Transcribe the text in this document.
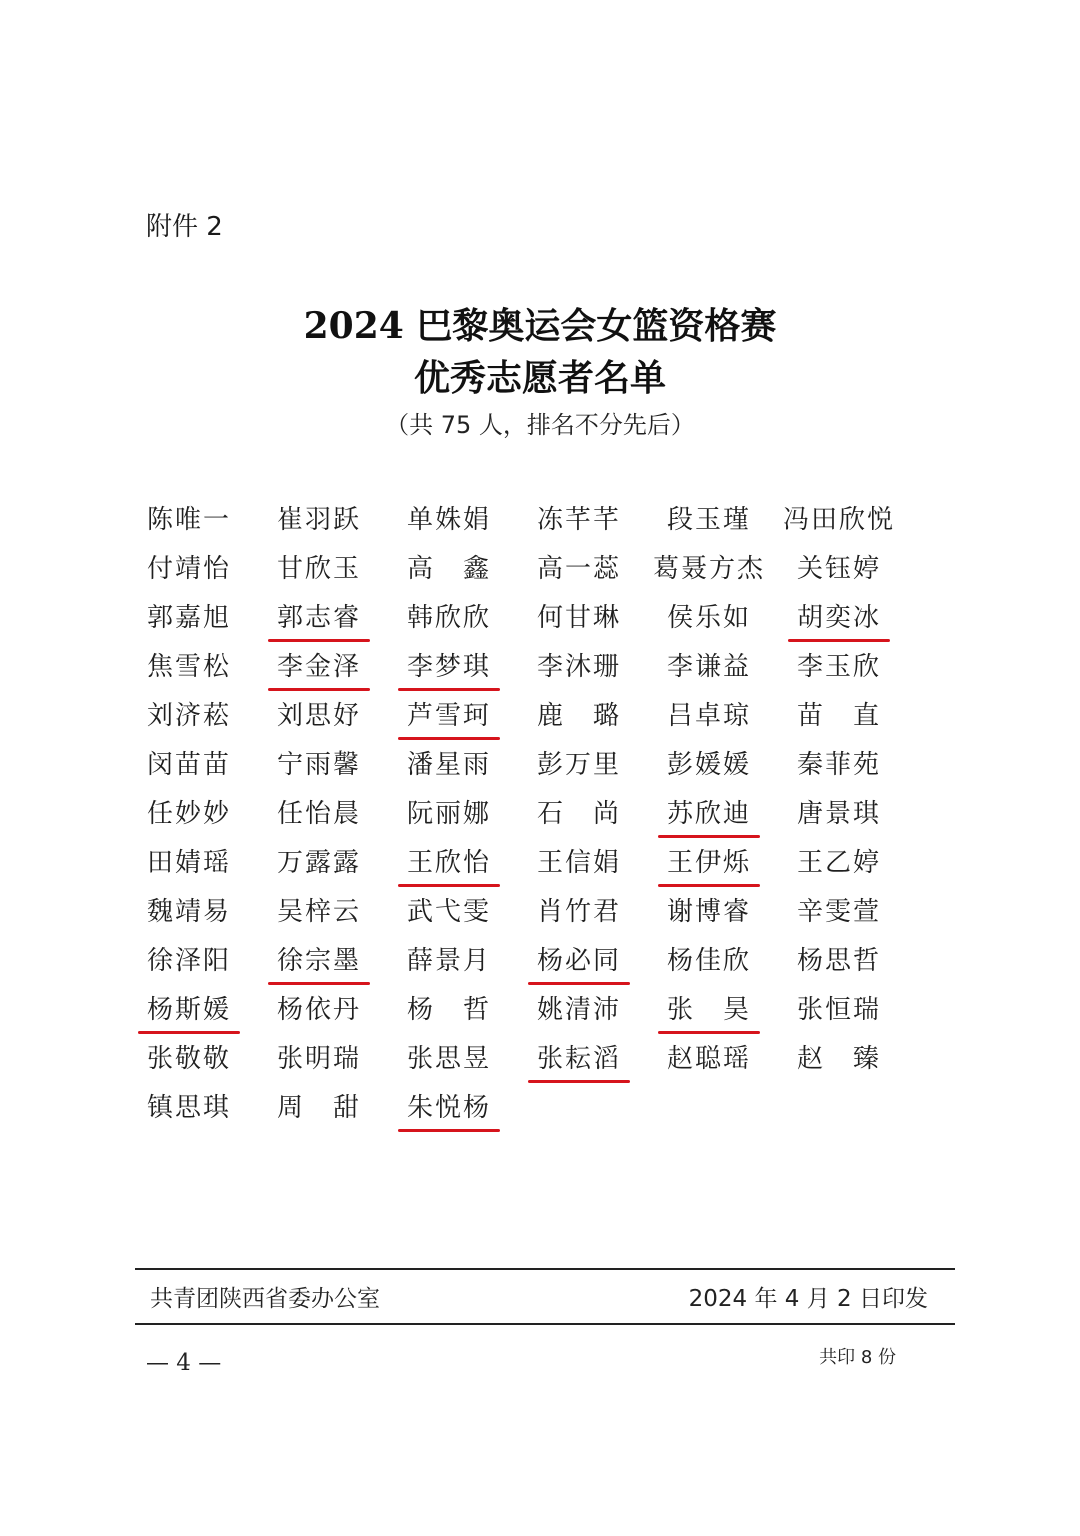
附件 2
2024 巴黎奥运会女篮资格赛
优秀志愿者名单
（共 75 人，排名不分先后）
陈唯一	崔羽跃	单姝娟	冻芊芊	段玉瑾	冯田欣悦
付靖怡	甘欣玉	高　鑫	高一蕊	葛聂方杰	关钰婷
郭嘉旭	郭志睿	韩欣欣	何甘琳	侯乐如	胡奕冰
焦雪松	李金泽	李梦琪	李沐珊	李谦益	李玉欣
刘济菘	刘思妤	芦雪珂	鹿　璐	吕卓琼	苗　直
闵苗苗	宁雨馨	潘星雨	彭万里	彭媛媛	秦菲苑
任妙妙	任怡晨	阮丽娜	石　尚	苏欣迪	唐景琪
田婧瑶	万露露	王欣怡	王信娟	王伊烁	王乙婷
魏靖易	吴梓云	武弋雯	肖竹君	谢博睿	辛雯萱
徐泽阳	徐宗墨	薛景月	杨必同	杨佳欣	杨思哲
杨斯媛	杨依丹	杨　哲	姚清沛	张　昊	张恒瑞
张敬敬	张明瑞	张思昱	张耘滔	赵聪瑶	赵　臻
镇思琪	周　甜	朱悦杨
共青团陕西省委办公室	2024 年 4 月 2 日印发
— 4 —	共印 8 份
